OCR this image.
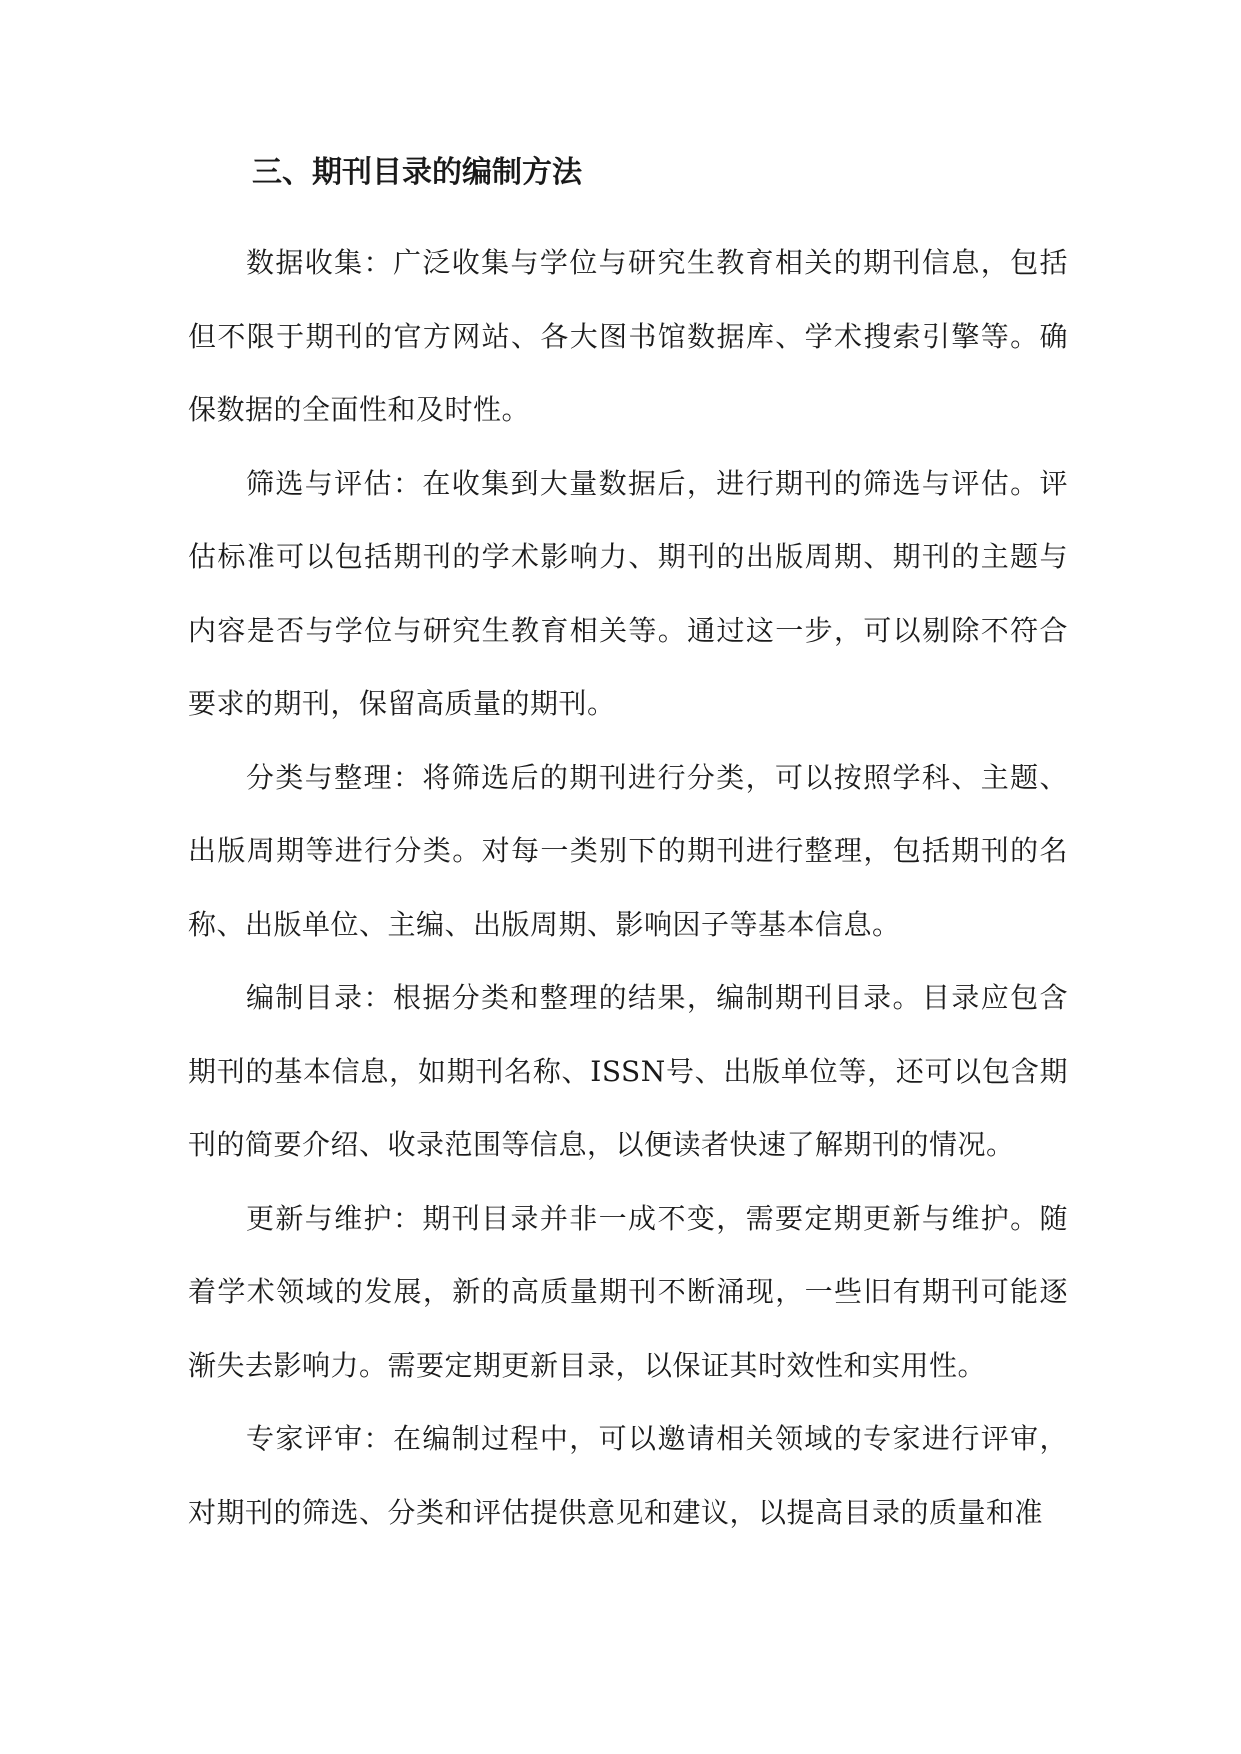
三、期刊目录的编制方法

数据收集：广泛收集与学位与研究生教育相关的期刊信息，包括但不限于期刊的官方网站、各大图书馆数据库、学术搜索引擎等。确保数据的全面性和及时性。

筛选与评估：在收集到大量数据后，进行期刊的筛选与评估。评估标准可以包括期刊的学术影响力、期刊的出版周期、期刊的主题与内容是否与学位与研究生教育相关等。通过这一步，可以剔除不符合要求的期刊，保留高质量的期刊。

分类与整理：将筛选后的期刊进行分类，可以按照学科、主题、出版周期等进行分类。对每一类别下的期刊进行整理，包括期刊的名称、出版单位、主编、出版周期、影响因子等基本信息。

编制目录：根据分类和整理的结果，编制期刊目录。目录应包含期刊的基本信息，如期刊名称、ISSN号、出版单位等，还可以包含期刊的简要介绍、收录范围等信息，以便读者快速了解期刊的情况。

更新与维护：期刊目录并非一成不变，需要定期更新与维护。随着学术领域的发展，新的高质量期刊不断涌现，一些旧有期刊可能逐渐失去影响力。需要定期更新目录，以保证其时效性和实用性。

专家评审：在编制过程中，可以邀请相关领域的专家进行评审，对期刊的筛选、分类和评估提供意见和建议，以提高目录的质量和准
